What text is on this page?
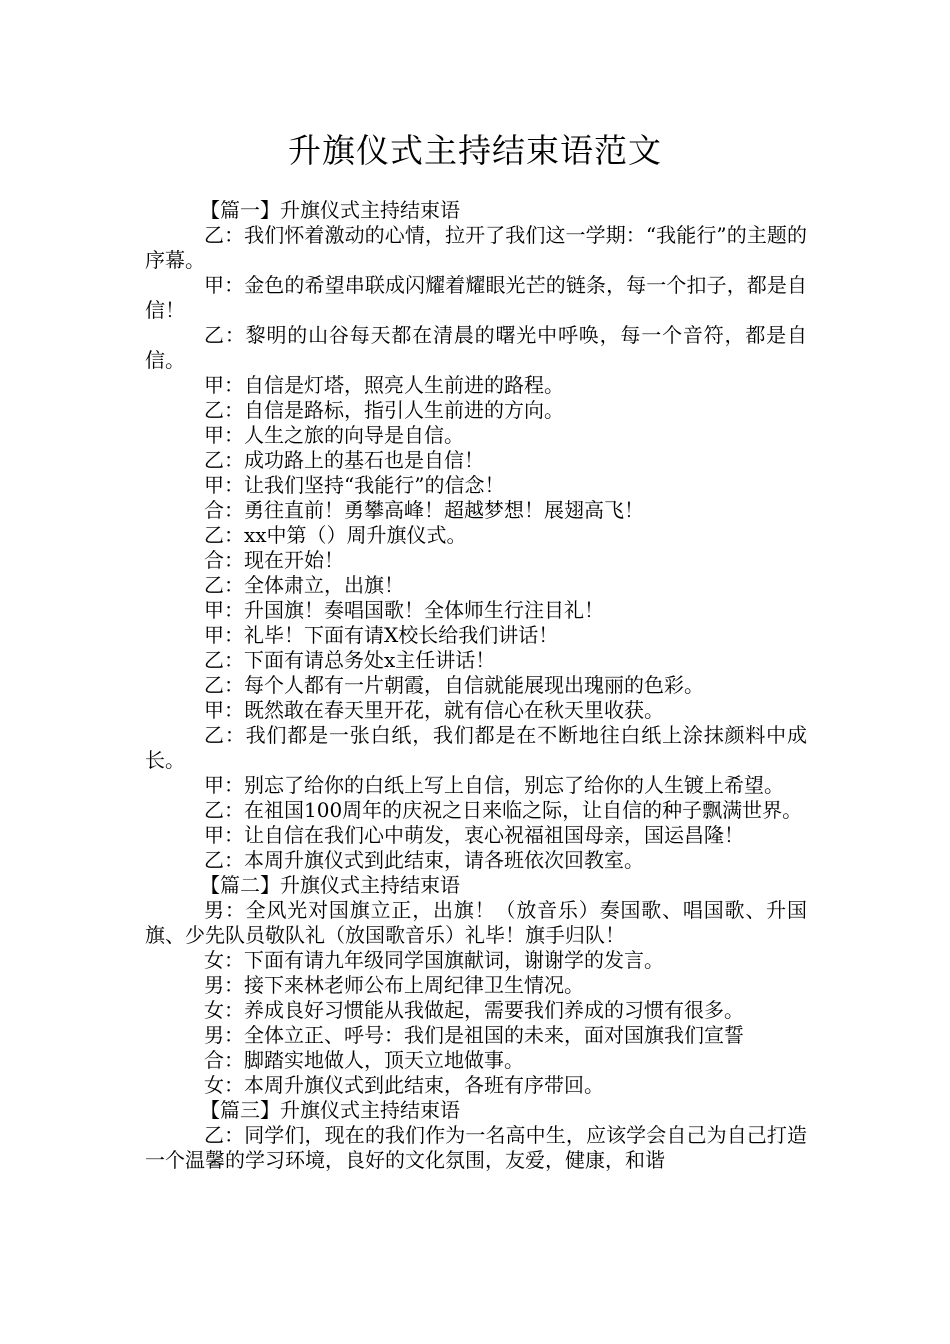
升旗仪式主持结束语范文

【篇一】升旗仪式主持结束语

乙：我们怀着激动的心情，拉开了我们这一学期：“我能行”的主题的序幕。

甲：金色的希望串联成闪耀着耀眼光芒的链条，每一个扣子，都是自信！

乙：黎明的山谷每天都在清晨的曙光中呼唤，每一个音符，都是自信。

甲：自信是灯塔，照亮人生前进的路程。

乙：自信是路标，指引人生前进的方向。

甲：人生之旅的向导是自信。

乙：成功路上的基石也是自信！

甲：让我们坚持“我能行”的信念！

合：勇往直前！勇攀高峰！超越梦想！展翅高飞！

乙：xx中第（）周升旗仪式。

合：现在开始！

乙：全体肃立，出旗！

甲：升国旗！奏唱国歌！全体师生行注目礼！

甲：礼毕！下面有请X校长给我们讲话！

乙：下面有请总务处x主任讲话！

乙：每个人都有一片朝霞，自信就能展现出瑰丽的色彩。

甲：既然敢在春天里开花，就有信心在秋天里收获。

乙：我们都是一张白纸，我们都是在不断地往白纸上涂抹颜料中成长。

甲：别忘了给你的白纸上写上自信，别忘了给你的人生镀上希望。

乙：在祖国100周年的庆祝之日来临之际，让自信的种子飘满世界。

甲：让自信在我们心中萌发，衷心祝福祖国母亲，国运昌隆！

乙：本周升旗仪式到此结束，请各班依次回教室。

【篇二】升旗仪式主持结束语

男：全风光对国旗立正，出旗！（放音乐）奏国歌、唱国歌、升国旗、少先队员敬队礼（放国歌音乐）礼毕！旗手归队！

女：下面有请九年级同学国旗献词，谢谢学的发言。

男：接下来林老师公布上周纪律卫生情况。

女：养成良好习惯能从我做起，需要我们养成的习惯有很多。

男：全体立正、呼号：我们是祖国的未来，面对国旗我们宣誓

合：脚踏实地做人，顶天立地做事。

女：本周升旗仪式到此结束，各班有序带回。

【篇三】升旗仪式主持结束语

乙：同学们，现在的我们作为一名高中生，应该学会自己为自己打造一个温馨的学习环境，良好的文化氛围，友爱，健康，和谐
